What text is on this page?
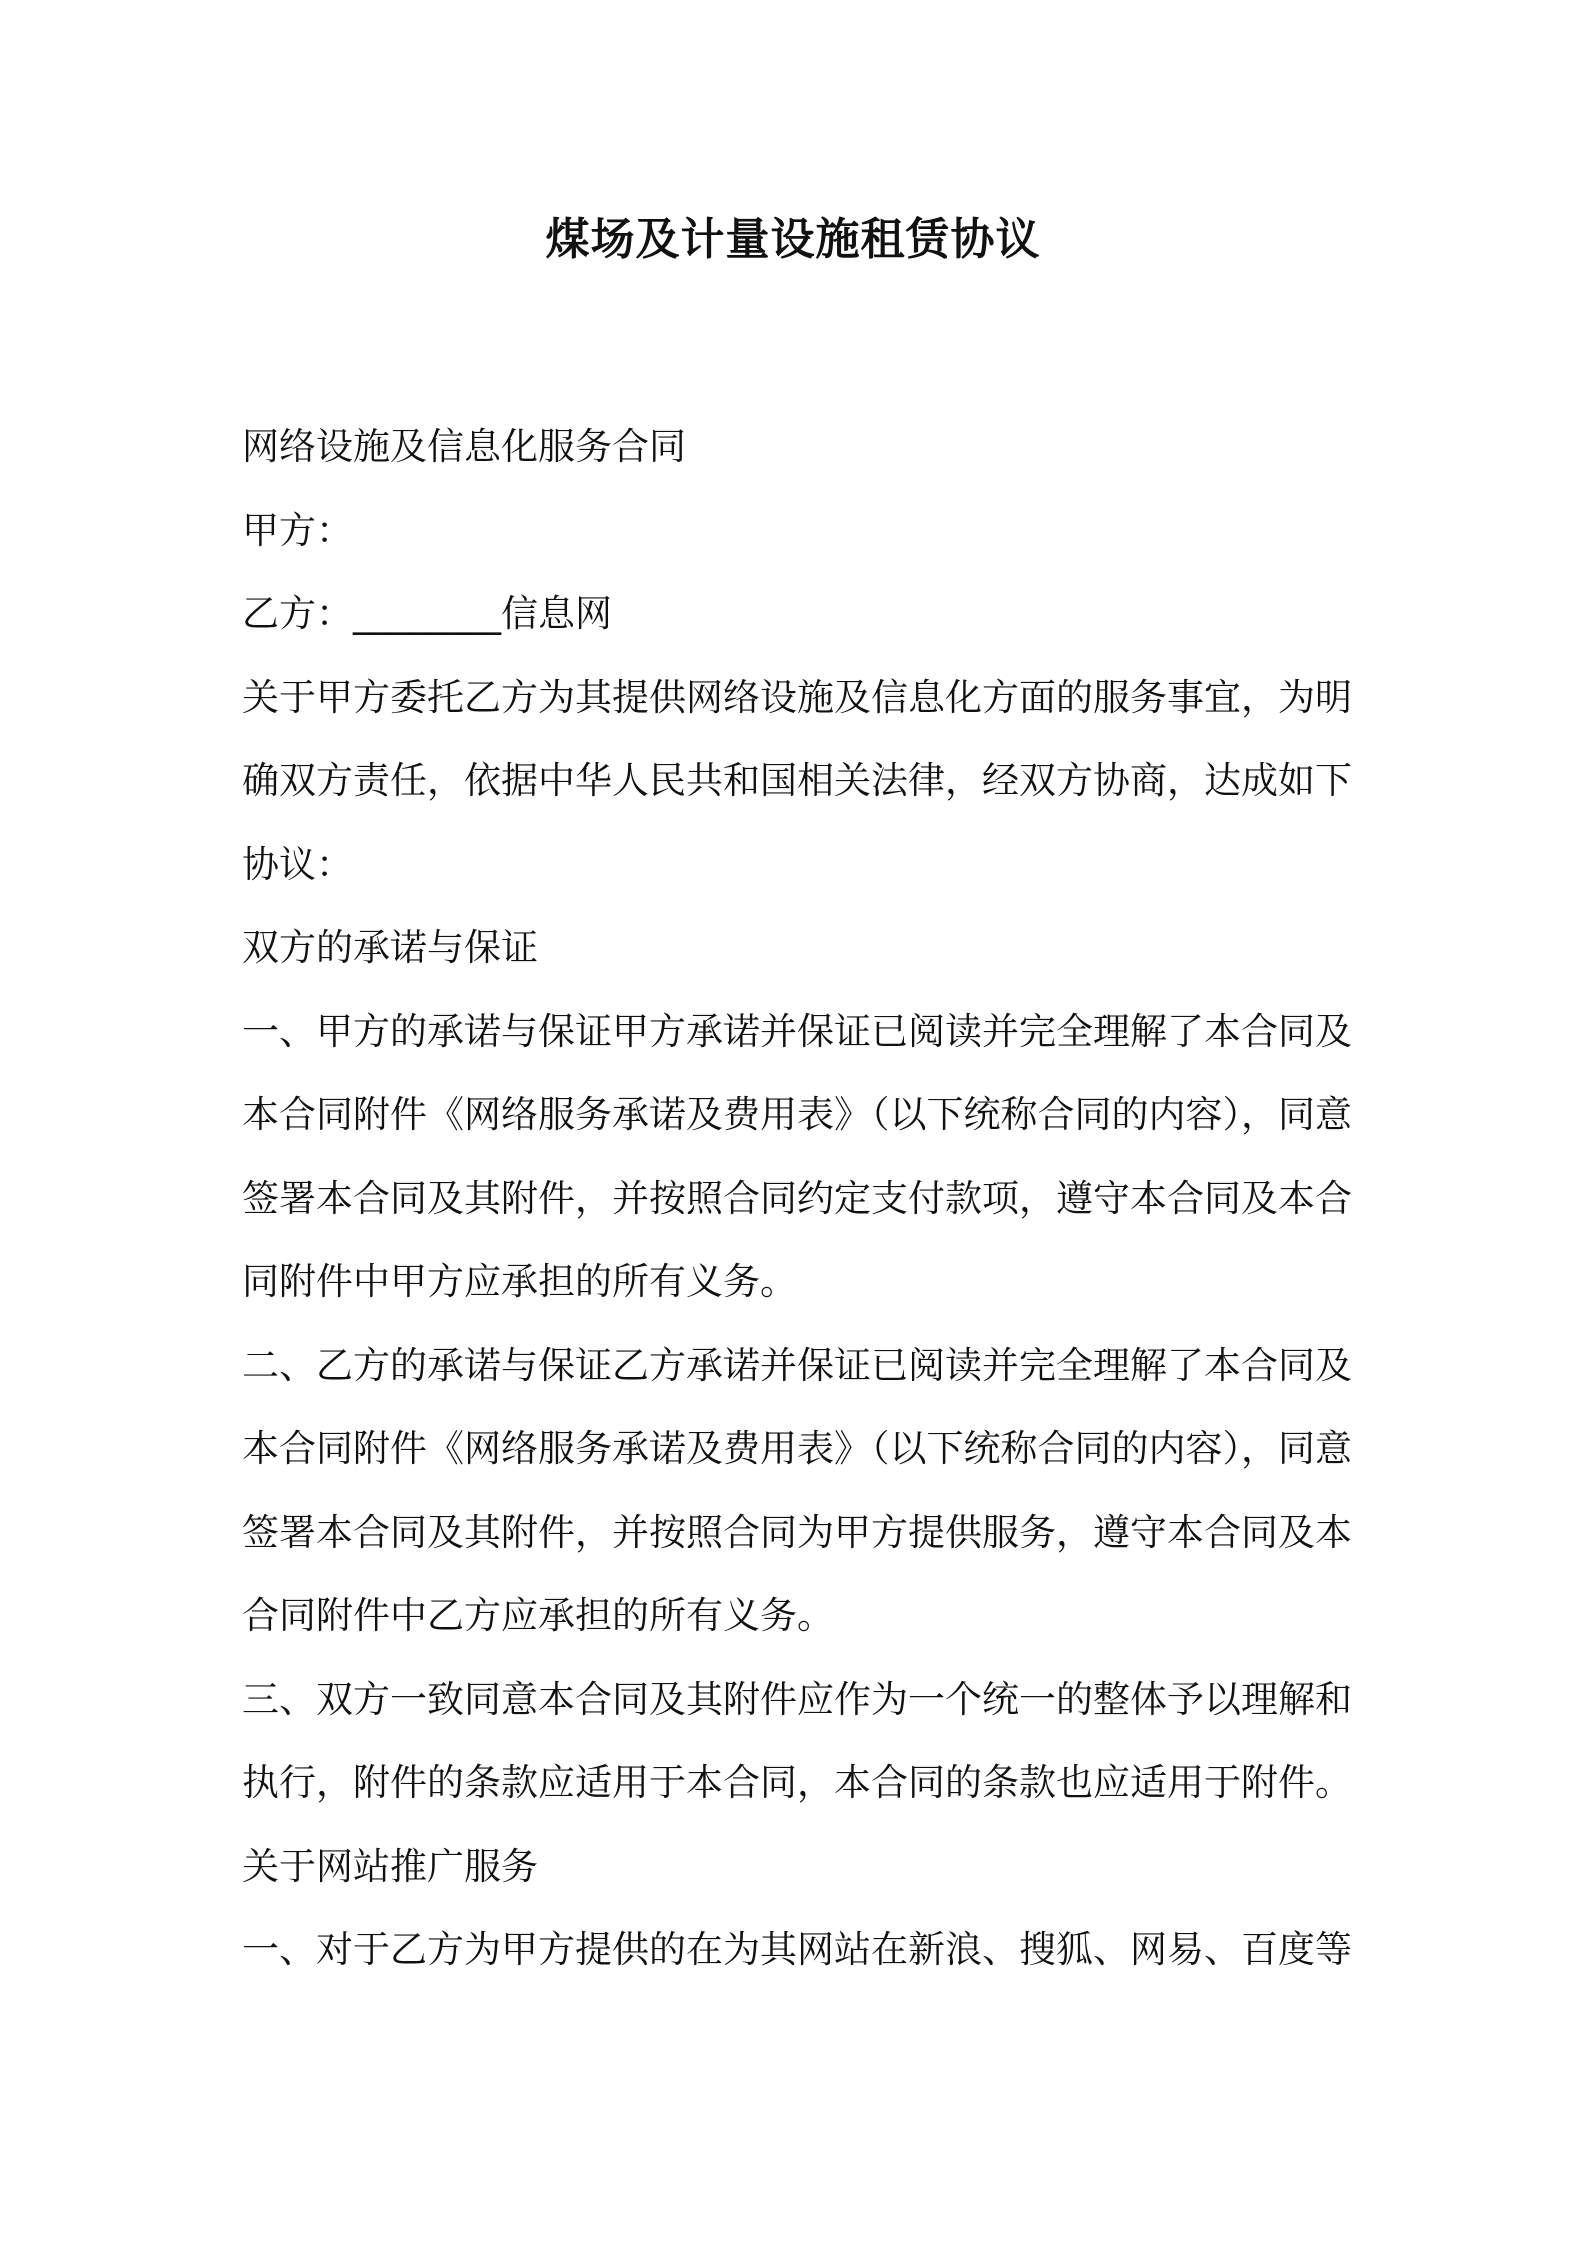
煤场及计量设施租赁协议
网络设施及信息化服务合同
甲方：
乙方：________信息网
关于甲方委托乙方为其提供网络设施及信息化方面的服务事宜，为明
确双方责任，依据中华人民共和国相关法律，经双方协商，达成如下
协议：
双方的承诺与保证
一、甲方的承诺与保证甲方承诺并保证已阅读并完全理解了本合同及
本合同附件《网络服务承诺及费用表》（以下统称合同的内容），同意
签署本合同及其附件，并按照合同约定支付款项，遵守本合同及本合
同附件中甲方应承担的所有义务。
二、乙方的承诺与保证乙方承诺并保证已阅读并完全理解了本合同及
本合同附件《网络服务承诺及费用表》（以下统称合同的内容），同意
签署本合同及其附件，并按照合同为甲方提供服务，遵守本合同及本
合同附件中乙方应承担的所有义务。
三、双方一致同意本合同及其附件应作为一个统一的整体予以理解和
执行，附件的条款应适用于本合同，本合同的条款也应适用于附件。
关于网站推广服务
一、对于乙方为甲方提供的在为其网站在新浪、搜狐、网易、百度等
